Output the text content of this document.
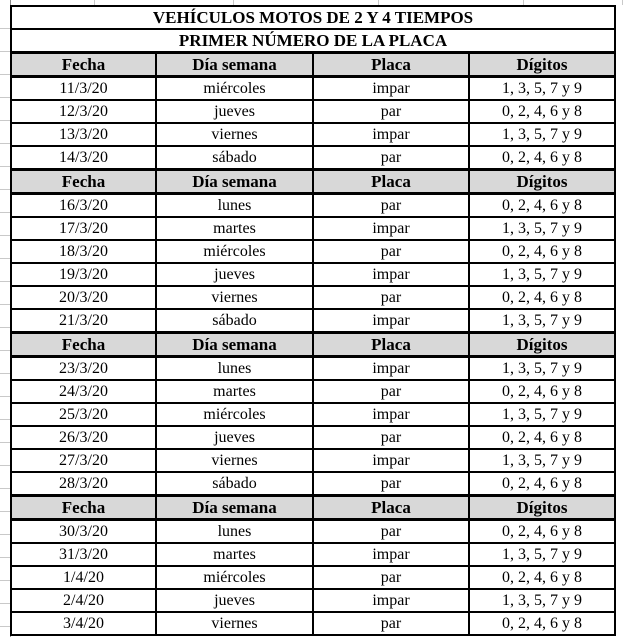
VEHÍCULOS MOTOS DE 2 Y 4 TIEMPOS			
PRIMER NÚMERO DE LA PLACA			
Fecha	Día semana	Placa	Dígitos
11/3/20	miércoles	impar	1, 3, 5, 7 y 9
12/3/20	jueves	par	0, 2, 4, 6 y 8
13/3/20	viernes	impar	1, 3, 5, 7 y 9
14/3/20	sábado	par	0, 2, 4, 6 y 8
Fecha	Día semana	Placa	Dígitos
16/3/20	lunes	par	0, 2, 4, 6 y 8
17/3/20	martes	impar	1, 3, 5, 7 y 9
18/3/20	miércoles	par	0, 2, 4, 6 y 8
19/3/20	jueves	impar	1, 3, 5, 7 y 9
20/3/20	viernes	par	0, 2, 4, 6 y 8
21/3/20	sábado	impar	1, 3, 5, 7 y 9
Fecha	Día semana	Placa	Dígitos
23/3/20	lunes	impar	1, 3, 5, 7 y 9
24/3/20	martes	par	0, 2, 4, 6 y 8
25/3/20	miércoles	impar	1, 3, 5, 7 y 9
26/3/20	jueves	par	0, 2, 4, 6 y 8
27/3/20	viernes	impar	1, 3, 5, 7 y 9
28/3/20	sábado	par	0, 2, 4, 6 y 8
Fecha	Día semana	Placa	Dígitos
30/3/20	lunes	par	0, 2, 4, 6 y 8
31/3/20	martes	impar	1, 3, 5, 7 y 9
1/4/20	miércoles	par	0, 2, 4, 6 y 8
2/4/20	jueves	impar	1, 3, 5, 7 y 9
3/4/20	viernes	par	0, 2, 4, 6 y 8
